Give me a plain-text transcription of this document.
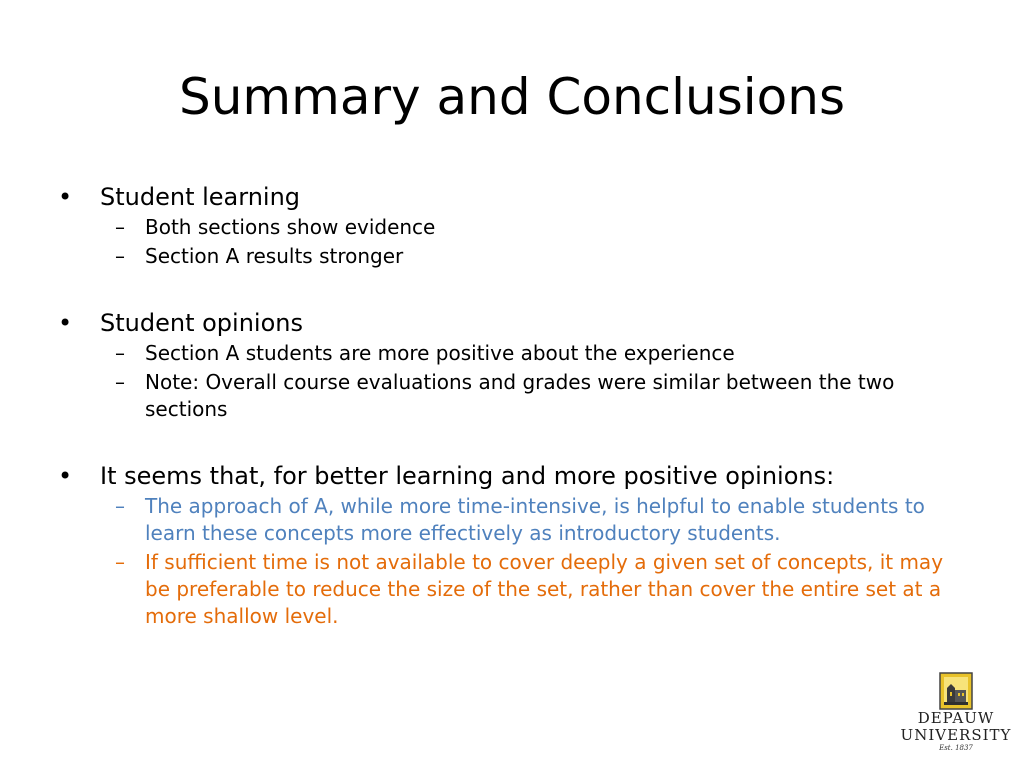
Summary and Conclusions

• Student learning

– Both sections show evidence

– Section A results stronger

• Student opinions

– Section A students are more positive about the experience

– Note: Overall course evaluations and grades were similar between the two sections

• It seems that, for better learning and more positive opinions:

– The approach of A, while more time-intensive, is helpful to enable students to learn these concepts more effectively as introductory students.

– If sufficient time is not available to cover deeply a given set of concepts, it may be preferable to reduce the size of the set, rather than cover the entire set at a more shallow level.

DEPAUW
UNIVERSITY
Est. 1837
